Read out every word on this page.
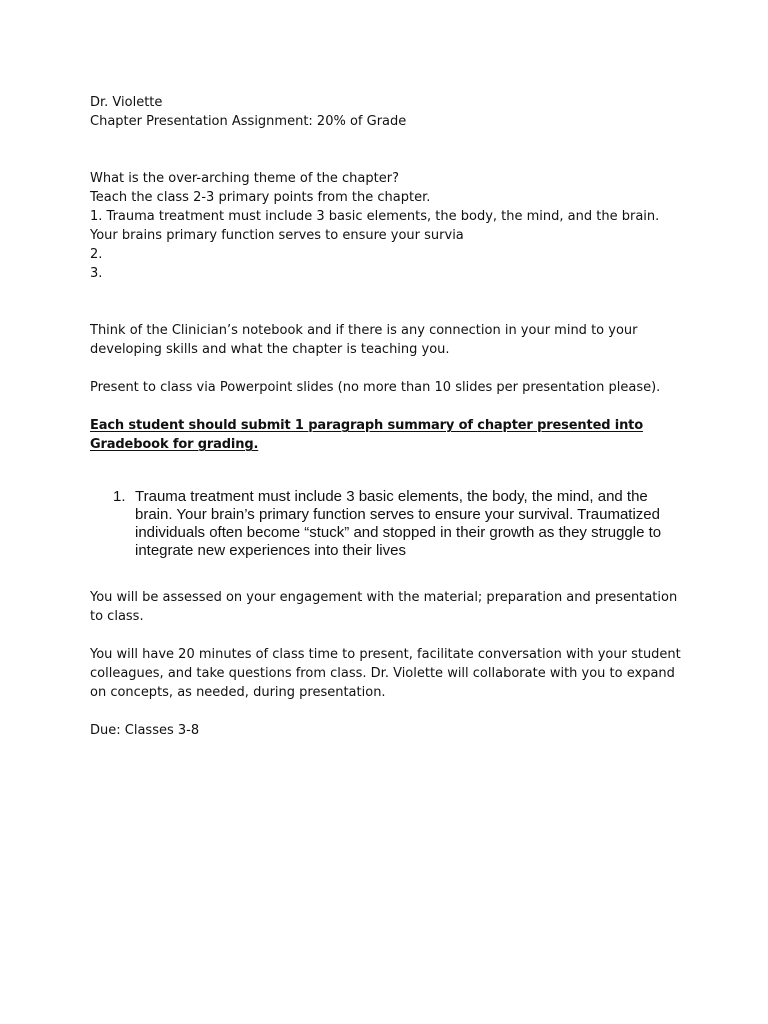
Dr. Violette

Chapter Presentation Assignment: 20% of Grade

What is the over-arching theme of the chapter?

Teach the class 2-3 primary points from the chapter.

1. Trauma treatment must include 3 basic elements, the body, the mind, and the brain. Your brains primary function serves to ensure your survia

2.

3.

Think of the Clinician’s notebook and if there is any connection in your mind to your developing skills and what the chapter is teaching you.

Present to class via Powerpoint slides (no more than 10 slides per presentation please).

Each student should submit 1 paragraph summary of chapter presented into Gradebook for grading.

1. Trauma treatment must include 3 basic elements, the body, the mind, and the brain. Your brain’s primary function serves to ensure your survival. Traumatized individuals often become “stuck” and stopped in their growth as they struggle to integrate new experiences into their lives

You will be assessed on your engagement with the material; preparation and presentation to class.

You will have 20 minutes of class time to present, facilitate conversation with your student colleagues, and take questions from class. Dr. Violette will collaborate with you to expand on concepts, as needed, during presentation.

Due: Classes 3-8
